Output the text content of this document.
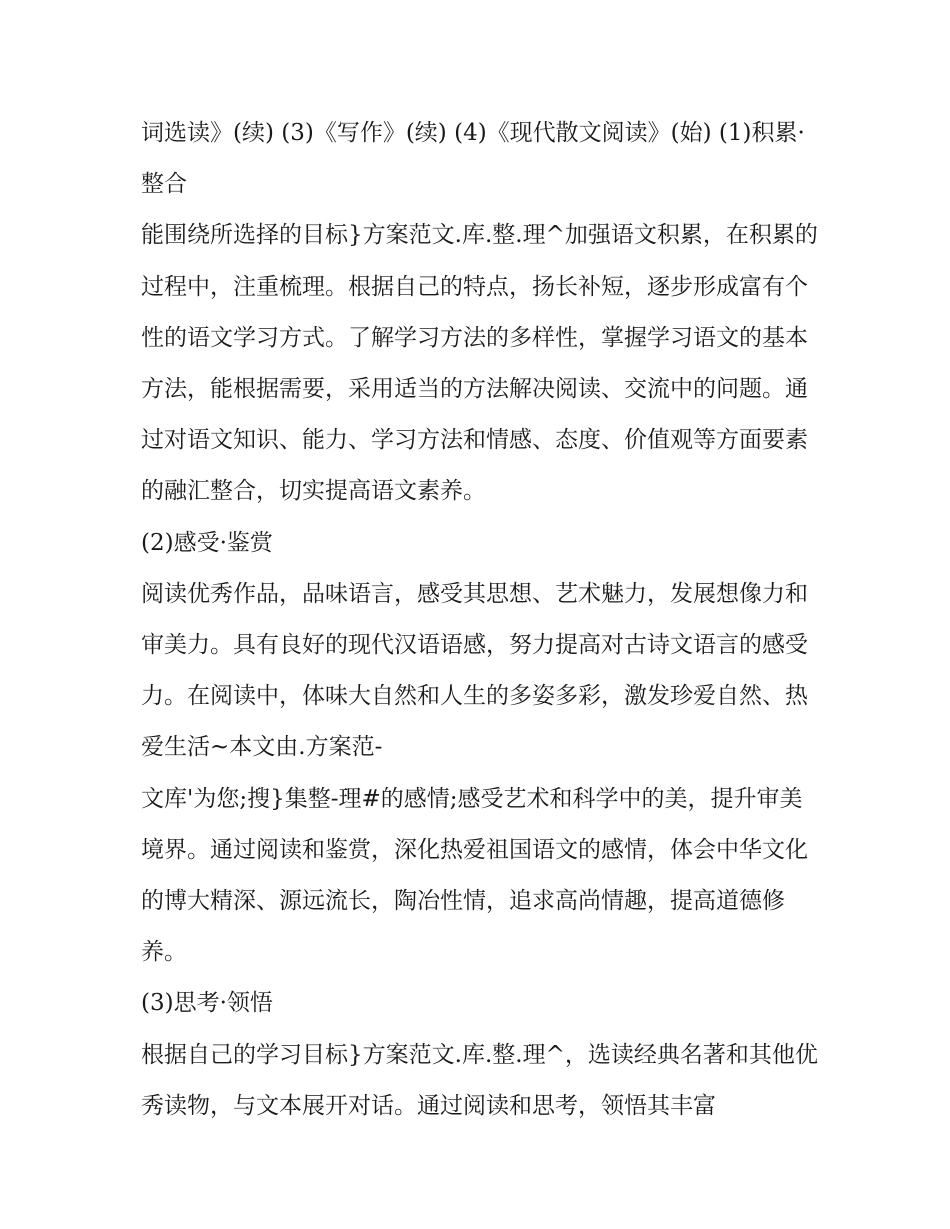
词选读》(续) (3)《写作》(续) (4)《现代散文阅读》(始) (1)积累·整合

能围绕所选择的目标}方案范文.库.整.理^加强语文积累，在积累的过程中，注重梳理。根据自己的特点，扬长补短，逐步形成富有个性的语文学习方式。了解学习方法的多样性，掌握学习语文的基本方法，能根据需要，采用适当的方法解决阅读、交流中的问题。通过对语文知识、能力、学习方法和情感、态度、价值观等方面要素的融汇整合，切实提高语文素养。

(2)感受·鉴赏

阅读优秀作品，品味语言，感受其思想、艺术魅力，发展想像力和审美力。具有良好的现代汉语语感，努力提高对古诗文语言的感受力。在阅读中，体味大自然和人生的多姿多彩，激发珍爱自然、热爱生活~本文由.方案范-

文库'为您;搜}集整-理#的感情;感受艺术和科学中的美，提升审美境界。通过阅读和鉴赏，深化热爱祖国语文的感情，体会中华文化的博大精深、源远流长，陶冶性情，追求高尚情趣，提高道德修养。

(3)思考·领悟

根据自己的学习目标}方案范文.库.整.理^，选读经典名著和其他优秀读物，与文本展开对话。通过阅读和思考，领悟其丰富
